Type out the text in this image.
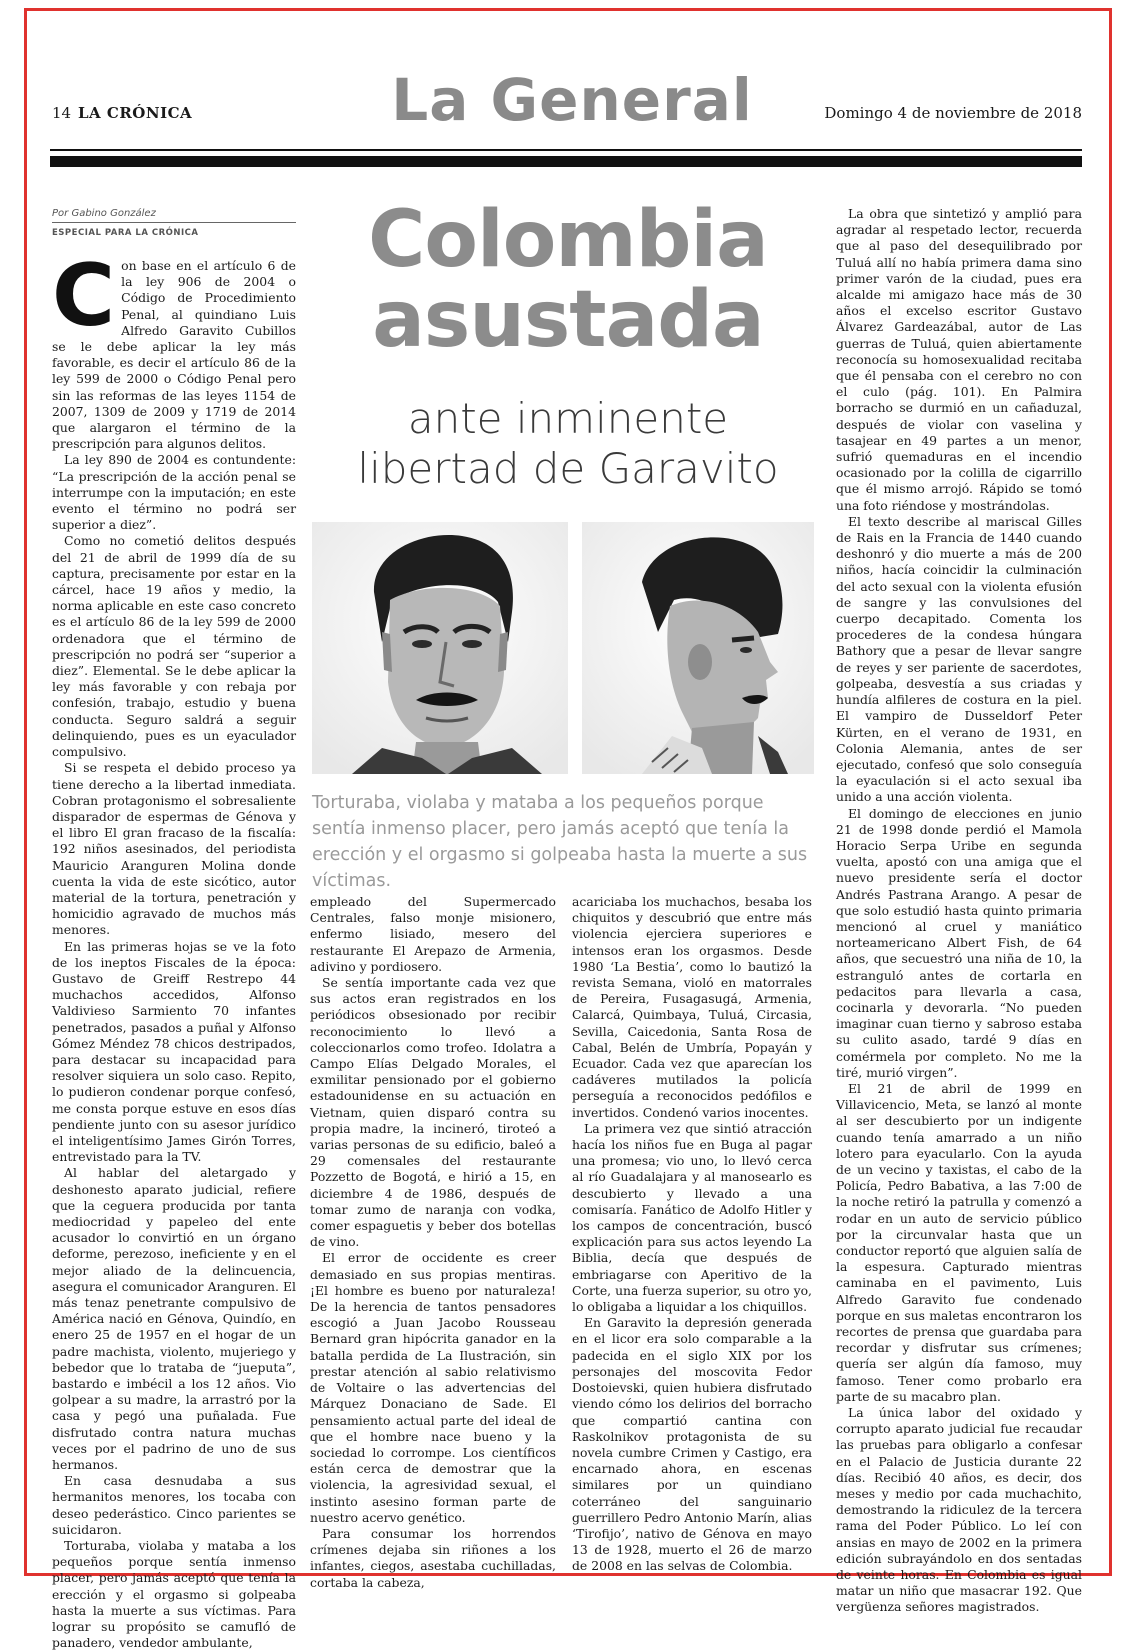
14 LA CRÓNICA	La General	Domingo 4 de noviembre de 2018
Por Gabino González
ESPECIAL PARA LA CRÓNICA
C on base en el artículo 6 de la ley 906 de 2004 o Código de Procedimiento Penal, al quindiano Luis Alfredo Garavito Cubillos se le debe aplicar la ley más favorable, es decir el artículo 86 de la ley 599 de 2000 o Código Penal pero sin las reformas de las leyes 1154 de 2007, 1309 de 2009 y 1719 de 2014 que alargaron el término de la prescripción para algunos delitos.

La ley 890 de 2004 es contundente: “La prescripción de la acción penal se interrumpe con la imputación; en este evento el término no podrá ser superior a diez”.

Como no cometió delitos después del 21 de abril de 1999 día de su captura, precisamente por estar en la cárcel, hace 19 años y medio, la norma aplicable en este caso concreto es el artículo 86 de la ley 599 de 2000 ordenadora que el término de prescripción no podrá ser “superior a diez”. Elemental. Se le debe aplicar la ley más favorable y con rebaja por confesión, trabajo, estudio y buena conducta. Seguro saldrá a seguir delinquiendo, pues es un eyaculador compulsivo.

Si se respeta el debido proceso ya tiene derecho a la libertad inmediata. Cobran protagonismo el sobresaliente disparador de espermas de Génova y el libro El gran fracaso de la fiscalía: 192 niños asesinados, del periodista Mauricio Aranguren Molina donde cuenta la vida de este sicótico, autor material de la tortura, penetración y homicidio agravado de muchos más menores.

En las primeras hojas se ve la foto de los ineptos Fiscales de la época: Gustavo de Greiff Restrepo 44 muchachos accedidos, Alfonso Valdivieso Sarmiento 70 infantes penetrados, pasados a puñal y Alfonso Gómez Méndez 78 chicos destripados, para destacar su incapacidad para resolver siquiera un solo caso. Repito, lo pudieron condenar porque confesó, me consta porque estuve en esos días pendiente junto con su asesor jurídico el inteligentísimo James Girón Torres, entrevistado para la TV.

Al hablar del aletargado y deshonesto aparato judicial, refiere que la ceguera producida por tanta mediocridad y papeleo del ente acusador lo convirtió en un órgano deforme, perezoso, ineficiente y en el mejor aliado de la delincuencia, asegura el comunicador Aranguren. El más tenaz penetrante compulsivo de América nació en Génova, Quindío, en enero 25 de 1957 en el hogar de un padre machista, violento, mujeriego y bebedor que lo trataba de “jueputa”, bastardo e imbécil a los 12 años. Vio golpear a su madre, la arrastró por la casa y pegó una puñalada. Fue disfrutado contra natura muchas veces por el padrino de uno de sus hermanos.

En casa desnudaba a sus hermanitos menores, los tocaba con deseo pederástico. Cinco parientes se suicidaron.

Torturaba, violaba y mataba a los pequeños porque sentía inmenso placer, pero jamás aceptó que tenía la erección y el orgasmo si golpeaba hasta la muerte a sus víctimas. Para lograr su propósito se camufló de panadero, vendedor ambulante,

Colombia
asustada
ante inminente
libertad de Garavito
Torturaba, violaba y mataba a los pequeños porque sentía inmenso placer, pero jamás aceptó que tenía la erección y el orgasmo si golpeaba hasta la muerte a sus víctimas.

empleado del Supermercado Centrales, falso monje misionero, enfermo lisiado, mesero del restaurante El Arepazo de Armenia, adivino y pordiosero.

Se sentía importante cada vez que sus actos eran registrados en los periódicos obsesionado por recibir reconocimiento lo llevó a coleccionarlos como trofeo. Idolatra a Campo Elías Delgado Morales, el exmilitar pensionado por el gobierno estadounidense en su actuación en Vietnam, quien disparó contra su propia madre, la incineró, tiroteó a varias personas de su edificio, baleó a 29 comensales del restaurante Pozzetto de Bogotá, e hirió a 15, en diciembre 4 de 1986, después de tomar zumo de naranja con vodka, comer espaguetis y beber dos botellas de vino.

El error de occidente es creer demasiado en sus propias mentiras. ¡El hombre es bueno por naturaleza! De la herencia de tantos pensadores escogió a Juan Jacobo Rousseau Bernard gran hipócrita ganador en la batalla perdida de La Ilustración, sin prestar atención al sabio relativismo de Voltaire o las advertencias del Márquez Donaciano de Sade. El pensamiento actual parte del ideal de que el hombre nace bueno y la sociedad lo corrompe. Los científicos están cerca de demostrar que la violencia, la agresividad sexual, el instinto asesino forman parte de nuestro acervo genético.

Para consumar los horrendos crímenes dejaba sin riñones a los infantes, ciegos, asestaba cuchilladas, cortaba la cabeza,

acariciaba los muchachos, besaba los chiquitos y descubrió que entre más violencia ejerciera superiores e intensos eran los orgasmos. Desde 1980 ‘La Bestia’, como lo bautizó la revista Semana, violó en matorrales de Pereira, Fusagasugá, Armenia, Calarcá, Quimbaya, Tuluá, Circasia, Sevilla, Caicedonia, Santa Rosa de Cabal, Belén de Umbría, Popayán y Ecuador. Cada vez que aparecían los cadáveres mutilados la policía perseguía a reconocidos pedófilos e invertidos. Condenó varios inocentes.

La primera vez que sintió atracción hacía los niños fue en Buga al pagar una promesa; vio uno, lo llevó cerca al río Guadalajara y al manosearlo es descubierto y llevado a una comisaría. Fanático de Adolfo Hitler y los campos de concentración, buscó explicación para sus actos leyendo La Biblia, decía que después de embriagarse con Aperitivo de la Corte, una fuerza superior, su otro yo, lo obligaba a liquidar a los chiquillos.

En Garavito la depresión generada en el licor era solo comparable a la padecida en el siglo XIX por los personajes del moscovita Fedor Dostoievski, quien hubiera disfrutado viendo cómo los delirios del borracho que compartió cantina con Raskolnikov protagonista de su novela cumbre Crimen y Castigo, era encarnado ahora, en escenas similares por un quindiano coterráneo del sanguinario guerrillero Pedro Antonio Marín, alias ‘Tirofijo’, nativo de Génova en mayo 13 de 1928, muerto el 26 de marzo de 2008 en las selvas de Colombia.

La obra que sintetizó y amplió para agradar al respetado lector, recuerda que al paso del desequilibrado por Tuluá allí no había primera dama sino primer varón de la ciudad, pues era alcalde mi amigazo hace más de 30 años el excelso escritor Gustavo Álvarez Gardeazábal, autor de Las guerras de Tuluá, quien abiertamente reconocía su homosexualidad recitaba que él pensaba con el cerebro no con el culo (pág. 101). En Palmira borracho se durmió en un cañaduzal, después de violar con vaselina y tasajear en 49 partes a un menor, sufrió quemaduras en el incendio ocasionado por la colilla de cigarrillo que él mismo arrojó. Rápido se tomó una foto riéndose y mostrándolas.

El texto describe al mariscal Gilles de Rais en la Francia de 1440 cuando deshonró y dio muerte a más de 200 niños, hacía coincidir la culminación del acto sexual con la violenta efusión de sangre y las convulsiones del cuerpo decapitado. Comenta los procederes de la condesa húngara Bathory que a pesar de llevar sangre de reyes y ser pariente de sacerdotes, golpeaba, desvestía a sus criadas y hundía alfileres de costura en la piel. El vampiro de Dusseldorf Peter Kürten, en el verano de 1931, en Colonia Alemania, antes de ser ejecutado, confesó que solo conseguía la eyaculación si el acto sexual iba unido a una acción violenta.

El domingo de elecciones en junio 21 de 1998 donde perdió el Mamola Horacio Serpa Uribe en segunda vuelta, apostó con una amiga que el nuevo presidente sería el doctor Andrés Pastrana Arango. A pesar de que solo estudió hasta quinto primaria mencionó al cruel y maniático norteamericano Albert Fish, de 64 años, que secuestró una niña de 10, la estranguló antes de cortarla en pedacitos para llevarla a casa, cocinarla y devorarla. “No pueden imaginar cuan tierno y sabroso estaba su culito asado, tardé 9 días en comérmela por completo. No me la tiré, murió virgen”.

El 21 de abril de 1999 en Villavicencio, Meta, se lanzó al monte al ser descubierto por un indigente cuando tenía amarrado a un niño lotero para eyacularlo. Con la ayuda de un vecino y taxistas, el cabo de la Policía, Pedro Babativa, a las 7:00 de la noche retiró la patrulla y comenzó a rodar en un auto de servicio público por la circunvalar hasta que un conductor reportó que alguien salía de la espesura. Capturado mientras caminaba en el pavimento, Luis Alfredo Garavito fue condenado porque en sus maletas encontraron los recortes de prensa que guardaba para recordar y disfrutar sus crímenes; quería ser algún día famoso, muy famoso. Tener como probarlo era parte de su macabro plan.

La única labor del oxidado y corrupto aparato judicial fue recaudar las pruebas para obligarlo a confesar en el Palacio de Justicia durante 22 días. Recibió 40 años, es decir, dos meses y medio por cada muchachito, demostrando la ridiculez de la tercera rama del Poder Público. Lo leí con ansias en mayo de 2002 en la primera edición subrayándolo en dos sentadas de veinte horas. En Colombia es igual matar un niño que masacrar 192. Que vergüenza señores magistrados.
